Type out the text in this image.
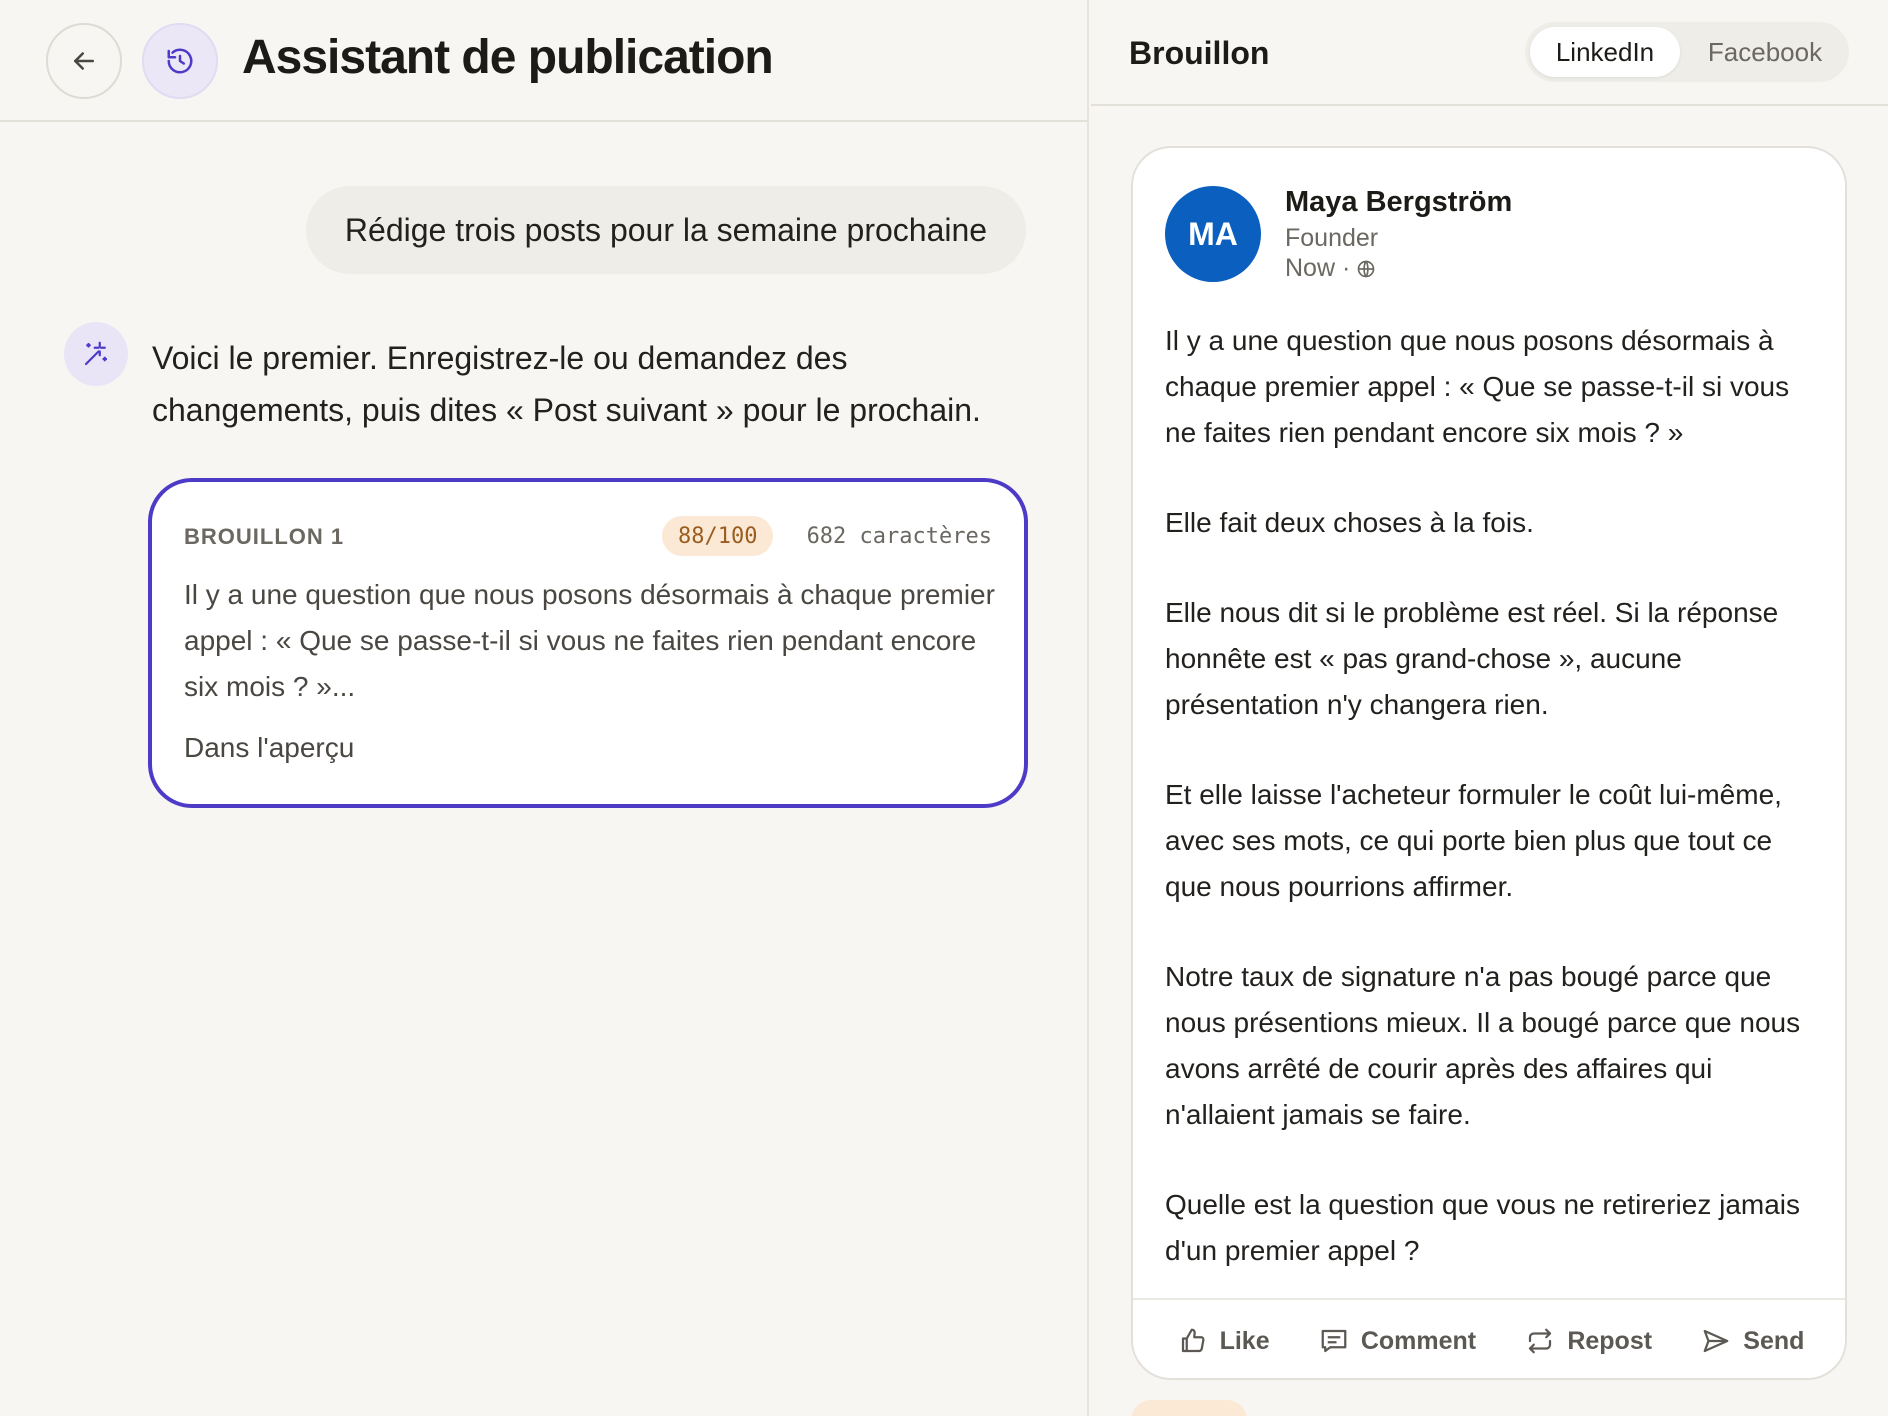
Assistant de publication
Rédige trois posts pour la semaine prochaine

Voici le premier. Enregistrez-le ou demandez des changements, puis dites « Post suivant » pour le prochain.

BROUILLON 1	88/100	682 caractères

Il y a une question que nous posons désormais à chaque premier appel : « Que se passe-t-il si vous ne faites rien pendant encore six mois ? »...

Dans l'aperçu
Brouillon	LinkedIn	Facebook
MA
Maya Bergström
Founder
Now ·

Il y a une question que nous posons désormais à chaque premier appel : « Que se passe-t-il si vous ne faites rien pendant encore six mois ? »

Elle fait deux choses à la fois.

Elle nous dit si le problème est réel. Si la réponse honnête est « pas grand-chose », aucune présentation n'y changera rien.

Et elle laisse l'acheteur formuler le coût lui-même, avec ses mots, ce qui porte bien plus que tout ce que nous pourrions affirmer.

Notre taux de signature n'a pas bougé parce que nous présentions mieux. Il a bougé parce que nous avons arrêté de courir après des affaires qui n'allaient jamais se faire.

Quelle est la question que vous ne retireriez jamais d'un premier appel ?

Like	Comment	Repost	Send
